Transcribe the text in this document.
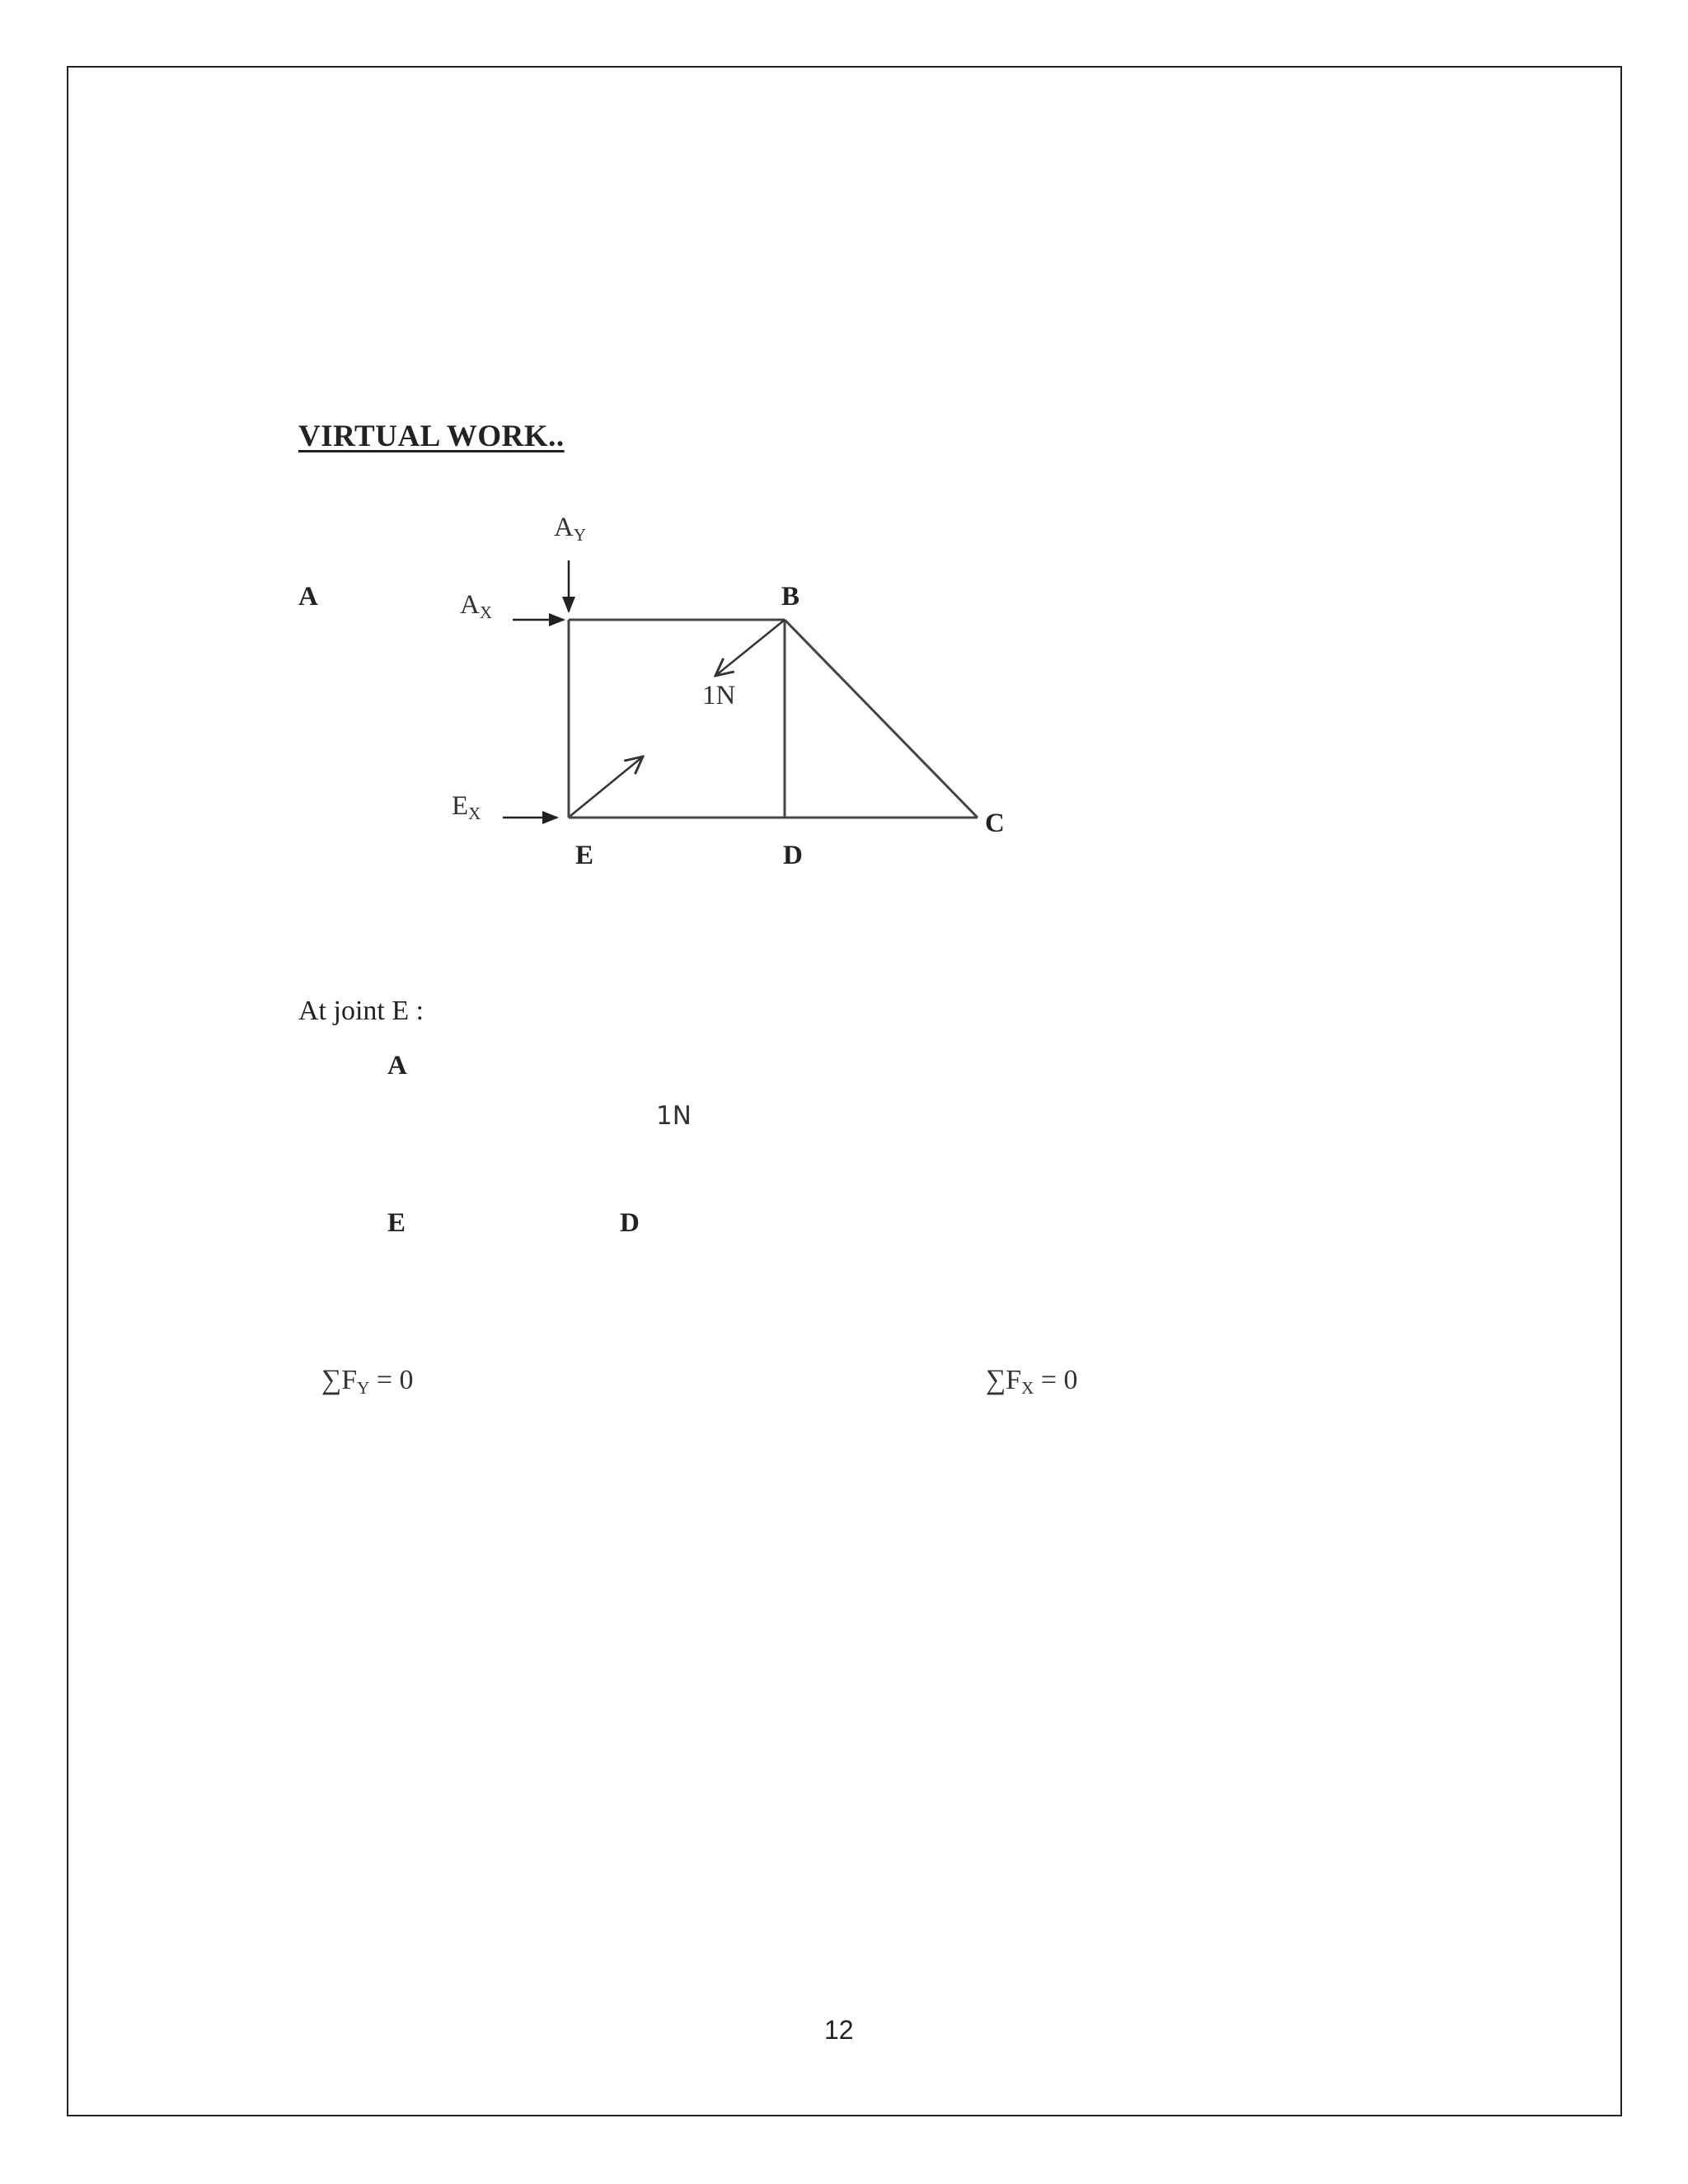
VIRTUAL WORK..
A
$A_Y$
$A_X$
$E_X$
B
C
D
E
1N
At joint E :
A
1N
E	D
$\sum F_Y = 0$	$\sum F_X = 0$
12
